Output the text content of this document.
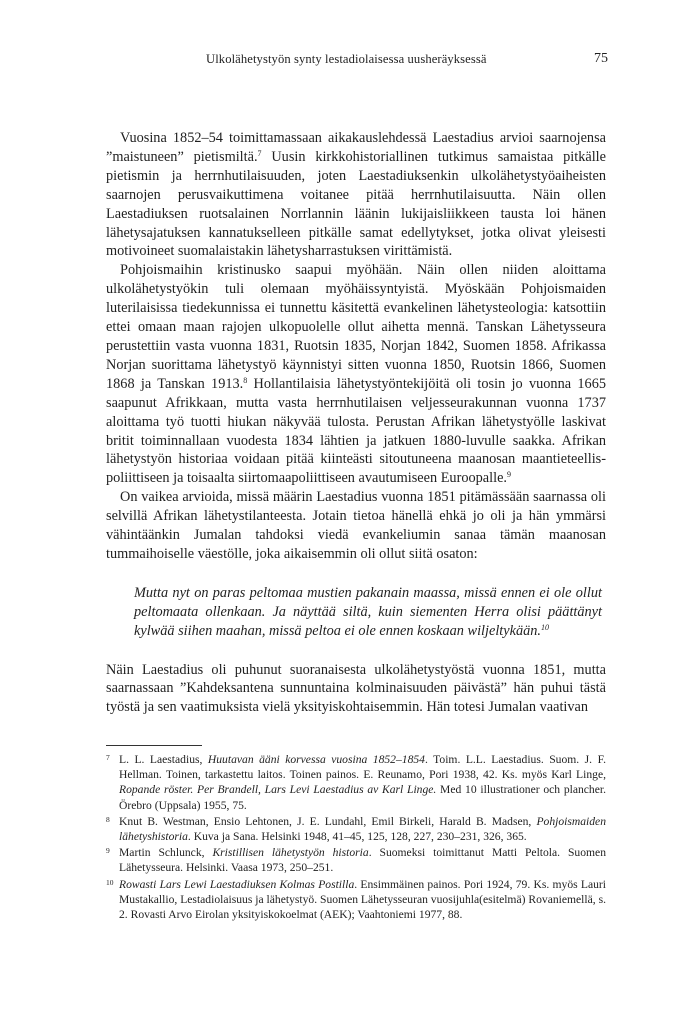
Ulkolähetystyön synty lestadiolaisessa uusheräyksessä	75

Vuosina 1852–54 toimittamassaan aikakauslehdessä Laestadius arvioi saarnojensa ”maistuneen” pietismiltä.$^7$ Uusin kirkkohistoriallinen tutkimus samaistaa pitkälle pietismin ja herrnhutilaisuuden, joten Laestadiuksenkin ulkolähetystyöaiheisten saarnojen perusvaikuttimena voitanee pitää herrnhutilaisuutta. Näin ollen Laestadiuksen ruotsalainen Norrlannin läänin lukijaisliikkeen tausta loi hänen lähetysajatuksen kannatukselleen pitkälle samat edellytykset, jotka olivat yleisesti motivoineet suomalaistakin lähetysharrastuksen virittämistä.

Pohjoismaihin kristinusko saapui myöhään. Näin ollen niiden aloittama ulkolähetystyökin tuli olemaan myöhäissyntyistä. Myöskään Pohjoismaiden luterilaisissa tiedekunnissa ei tunnettu käsitettä evankelinen lähetysteologia: katsottiin ettei omaan maan rajojen ulkopuolelle ollut aihetta mennä. Tanskan Lähetysseura perustettiin vasta vuonna 1831, Ruotsin 1835, Norjan 1842, Suomen 1858. Afrikassa Norjan suorittama lähetystyö käynnistyi sitten vuonna 1850, Ruotsin 1866, Suomen 1868 ja Tanskan 1913.$^8$ Hollantilaisia lähetystyöntekijöitä oli tosin jo vuonna 1665 saapunut Afrikkaan, mutta vasta herrnhutilaisen veljesseurakunnan vuonna 1737 aloittama työ tuotti hiukan näkyvää tulosta. Perustan Afrikan lähetystyölle laskivat britit toiminnallaan vuodesta 1834 lähtien ja jatkuen 1880-luvulle saakka. Afrikan lähetystyön historiaa voidaan pitää kiinteästi sitoutuneena maanosan maantieteellis-poliittiseen ja toisaalta siirtomaapoliittiseen avautumiseen Euroopalle.$^9$

On vaikea arvioida, missä määrin Laestadius vuonna 1851 pitämässään saarnassa oli selvillä Afrikan lähetystilanteesta. Jotain tietoa hänellä ehkä jo oli ja hän ymmärsi vähintäänkin Jumalan tahdoksi viedä evankeliumin sanaa tämän maanosan tummaihoiselle väestölle, joka aikaisemmin oli ollut siitä osaton:

Mutta nyt on paras peltomaa mustien pakanain maassa, missä ennen ei ole ollut peltomaata ollenkaan. Ja näyttää siltä, kuin siementen Herra olisi päättänyt kylwää siihen maahan, missä peltoa ei ole ennen koskaan wiljeltykään.$^{10}$

Näin Laestadius oli puhunut suoranaisesta ulkolähetystyöstä vuonna 1851, mutta saarnassaan ”Kahdeksantena sunnuntaina kolminaisuuden päivästä” hän puhui tästä työstä ja sen vaatimuksista vielä yksityiskohtaisemmin. Hän totesi Jumalan vaativan

7 L. L. Laestadius, Huutavan ääni korvessa vuosina 1852–1854. Toim. L.L. Laestadius. Suom. J. F. Hellman. Toinen, tarkastettu laitos. Toinen painos. E. Reunamo, Pori 1938, 42. Ks. myös Karl Linge, Ropande röster. Per Brandell, Lars Levi Laestadius av Karl Linge. Med 10 illustrationer och plancher. Örebro (Uppsala) 1955, 75.
8 Knut B. Westman, Ensio Lehtonen, J. E. Lundahl, Emil Birkeli, Harald B. Madsen, Pohjoismaiden lähetyshistoria. Kuva ja Sana. Helsinki 1948, 41–45, 125, 128, 227, 230–231, 326, 365.
9 Martin Schlunck, Kristillisen lähetystyön historia. Suomeksi toimittanut Matti Peltola. Suomen Lähetysseura. Helsinki. Vaasa 1973, 250–251.
10 Rowasti Lars Lewi Laestadiuksen Kolmas Postilla. Ensimmäinen painos. Pori 1924, 79. Ks. myös Lauri Mustakallio, Lestadiolaisuus ja lähetystyö. Suomen Lähetysseuran vuosijuhla(esitelmä) Rovaniemellä, s. 2. Rovasti Arvo Eirolan yksityiskokoelmat (AEK); Vaahtoniemi 1977, 88.
